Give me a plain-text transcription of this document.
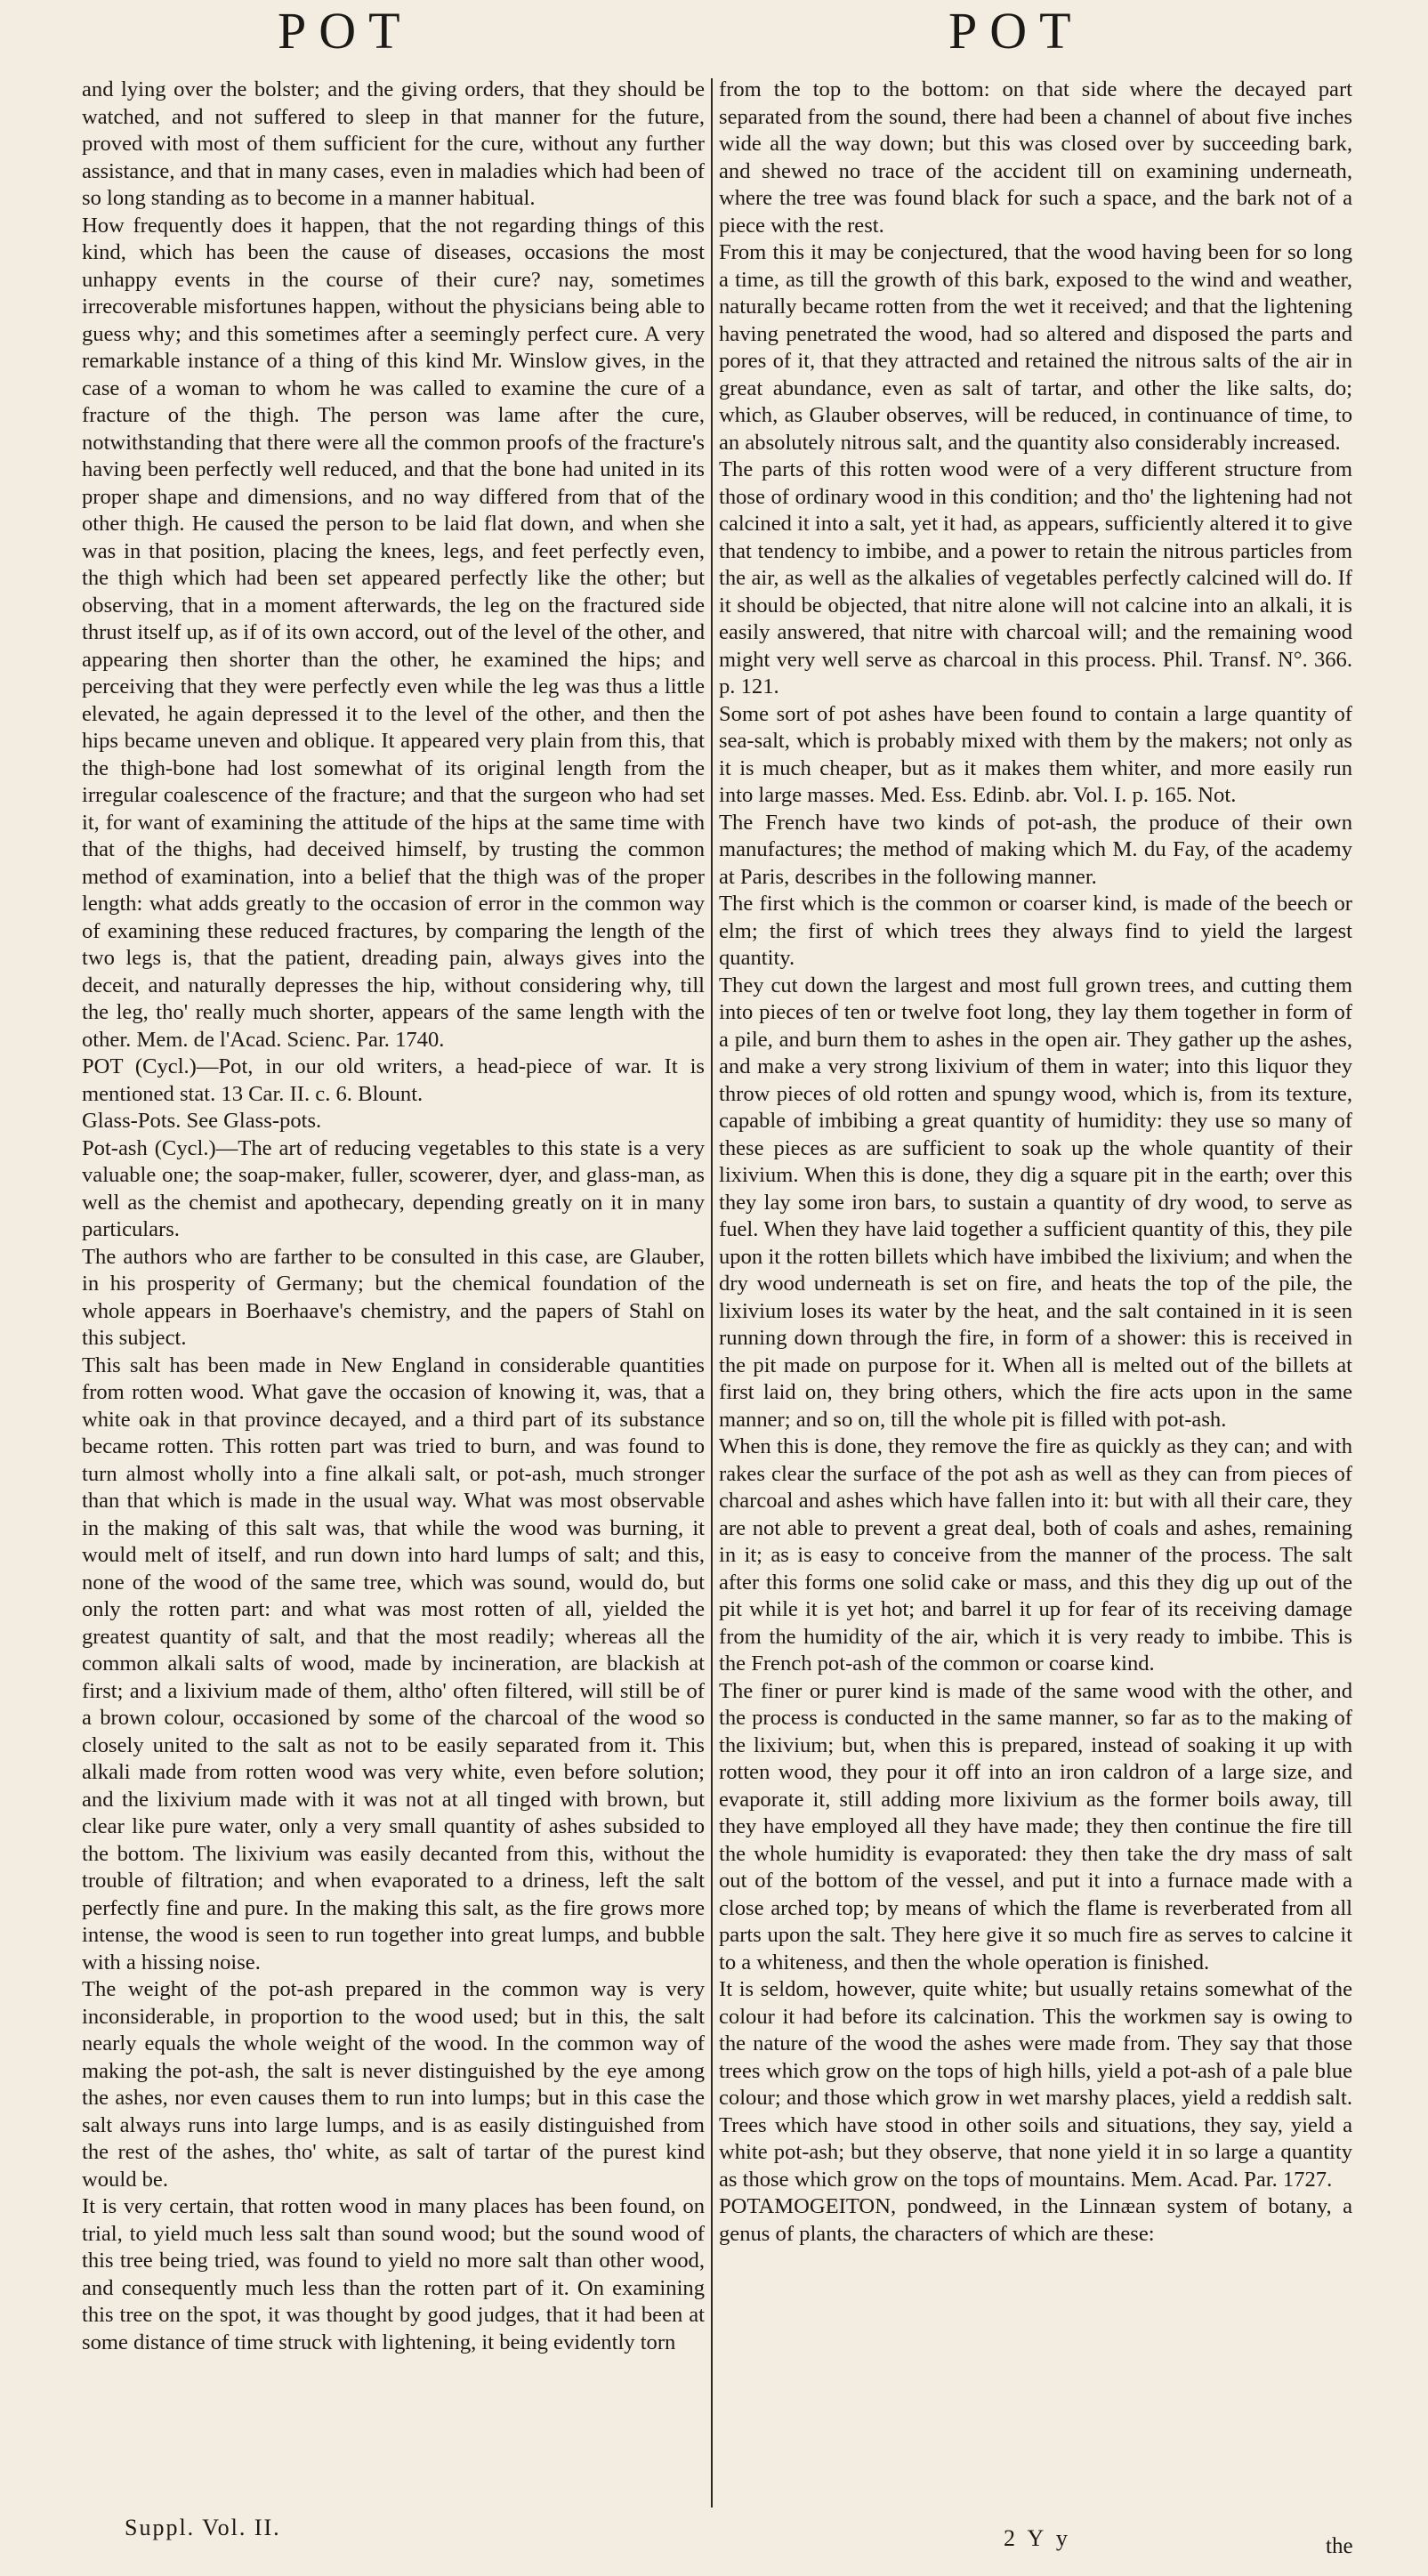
POT	POT

and lying over the bolster; and the giving orders, that they should be watched, and not suffered to sleep in that manner for the future, proved with most of them sufficient for the cure, without any further assistance, and that in many cases, even in maladies which had been of so long standing as to become in a manner habitual.

How frequently does it happen, that the not regarding things of this kind, which has been the cause of diseases, occasions the most unhappy events in the course of their cure? nay, sometimes irrecoverable misfortunes happen, without the physicians being able to guess why; and this sometimes after a seemingly perfect cure. A very remarkable instance of a thing of this kind Mr. Winslow gives, in the case of a woman to whom he was called to examine the cure of a fracture of the thigh. The person was lame after the cure, notwithstanding that there were all the common proofs of the fracture's having been perfectly well reduced, and that the bone had united in its proper shape and dimensions, and no way differed from that of the other thigh. He caused the person to be laid flat down, and when she was in that position, placing the knees, legs, and feet perfectly even, the thigh which had been set appeared perfectly like the other; but observing, that in a moment afterwards, the leg on the fractured side thrust itself up, as if of its own accord, out of the level of the other, and appearing then shorter than the other, he examined the hips; and perceiving that they were perfectly even while the leg was thus a little elevated, he again depressed it to the level of the other, and then the hips became uneven and oblique. It appeared very plain from this, that the thigh-bone had lost somewhat of its original length from the irregular coalescence of the fracture; and that the surgeon who had set it, for want of examining the attitude of the hips at the same time with that of the thighs, had deceived himself, by trusting the common method of examination, into a belief that the thigh was of the proper length: what adds greatly to the occasion of error in the common way of examining these reduced fractures, by comparing the length of the two legs is, that the patient, dreading pain, always gives into the deceit, and naturally depresses the hip, without considering why, till the leg, tho' really much shorter, appears of the same length with the other. Mem. de l'Acad. Scienc. Par. 1740.

POT (Cycl.)—Pot, in our old writers, a head-piece of war. It is mentioned stat. 13 Car. II. c. 6. Blount.

Glass-Pots. See Glass-pots.

Pot-ash (Cycl.)—The art of reducing vegetables to this state is a very valuable one; the soap-maker, fuller, scowerer, dyer, and glass-man, as well as the chemist and apothecary, depending greatly on it in many particulars.

The authors who are farther to be consulted in this case, are Glauber, in his prosperity of Germany; but the chemical foundation of the whole appears in Boerhaave's chemistry, and the papers of Stahl on this subject.

This salt has been made in New England in considerable quantities from rotten wood. What gave the occasion of knowing it, was, that a white oak in that province decayed, and a third part of its substance became rotten. This rotten part was tried to burn, and was found to turn almost wholly into a fine alkali salt, or pot-ash, much stronger than that which is made in the usual way. What was most observable in the making of this salt was, that while the wood was burning, it would melt of itself, and run down into hard lumps of salt; and this, none of the wood of the same tree, which was sound, would do, but only the rotten part: and what was most rotten of all, yielded the greatest quantity of salt, and that the most readily; whereas all the common alkali salts of wood, made by incineration, are blackish at first; and a lixivium made of them, altho' often filtered, will still be of a brown colour, occasioned by some of the charcoal of the wood so closely united to the salt as not to be easily separated from it. This alkali made from rotten wood was very white, even before solution; and the lixivium made with it was not at all tinged with brown, but clear like pure water, only a very small quantity of ashes subsided to the bottom. The lixivium was easily decanted from this, without the trouble of filtration; and when evaporated to a driness, left the salt perfectly fine and pure. In the making this salt, as the fire grows more intense, the wood is seen to run together into great lumps, and bubble with a hissing noise.

The weight of the pot-ash prepared in the common way is very inconsiderable, in proportion to the wood used; but in this, the salt nearly equals the whole weight of the wood. In the common way of making the pot-ash, the salt is never distinguished by the eye among the ashes, nor even causes them to run into lumps; but in this case the salt always runs into large lumps, and is as easily distinguished from the rest of the ashes, tho' white, as salt of tartar of the purest kind would be.

It is very certain, that rotten wood in many places has been found, on trial, to yield much less salt than sound wood; but the sound wood of this tree being tried, was found to yield no more salt than other wood, and consequently much less than the rotten part of it. On examining this tree on the spot, it was thought by good judges, that it had been at some distance of time struck with lightening, it being evidently torn

from the top to the bottom: on that side where the decayed part separated from the sound, there had been a channel of about five inches wide all the way down; but this was closed over by succeeding bark, and shewed no trace of the accident till on examining underneath, where the tree was found black for such a space, and the bark not of a piece with the rest.

From this it may be conjectured, that the wood having been for so long a time, as till the growth of this bark, exposed to the wind and weather, naturally became rotten from the wet it received; and that the lightening having penetrated the wood, had so altered and disposed the parts and pores of it, that they attracted and retained the nitrous salts of the air in great abundance, even as salt of tartar, and other the like salts, do; which, as Glauber observes, will be reduced, in continuance of time, to an absolutely nitrous salt, and the quantity also considerably increased.

The parts of this rotten wood were of a very different structure from those of ordinary wood in this condition; and tho' the lightening had not calcined it into a salt, yet it had, as appears, sufficiently altered it to give that tendency to imbibe, and a power to retain the nitrous particles from the air, as well as the alkalies of vegetables perfectly calcined will do. If it should be objected, that nitre alone will not calcine into an alkali, it is easily answered, that nitre with charcoal will; and the remaining wood might very well serve as charcoal in this process. Phil. Transf. N°. 366. p. 121.

Some sort of pot ashes have been found to contain a large quantity of sea-salt, which is probably mixed with them by the makers; not only as it is much cheaper, but as it makes them whiter, and more easily run into large masses. Med. Ess. Edinb. abr. Vol. I. p. 165. Not.

The French have two kinds of pot-ash, the produce of their own manufactures; the method of making which M. du Fay, of the academy at Paris, describes in the following manner.

The first which is the common or coarser kind, is made of the beech or elm; the first of which trees they always find to yield the largest quantity.

They cut down the largest and most full grown trees, and cutting them into pieces of ten or twelve foot long, they lay them together in form of a pile, and burn them to ashes in the open air. They gather up the ashes, and make a very strong lixivium of them in water; into this liquor they throw pieces of old rotten and spungy wood, which is, from its texture, capable of imbibing a great quantity of humidity: they use so many of these pieces as are sufficient to soak up the whole quantity of their lixivium. When this is done, they dig a square pit in the earth; over this they lay some iron bars, to sustain a quantity of dry wood, to serve as fuel. When they have laid together a sufficient quantity of this, they pile upon it the rotten billets which have imbibed the lixivium; and when the dry wood underneath is set on fire, and heats the top of the pile, the lixivium loses its water by the heat, and the salt contained in it is seen running down through the fire, in form of a shower: this is received in the pit made on purpose for it. When all is melted out of the billets at first laid on, they bring others, which the fire acts upon in the same manner; and so on, till the whole pit is filled with pot-ash.

When this is done, they remove the fire as quickly as they can; and with rakes clear the surface of the pot ash as well as they can from pieces of charcoal and ashes which have fallen into it: but with all their care, they are not able to prevent a great deal, both of coals and ashes, remaining in it; as is easy to conceive from the manner of the process. The salt after this forms one solid cake or mass, and this they dig up out of the pit while it is yet hot; and barrel it up for fear of its receiving damage from the humidity of the air, which it is very ready to imbibe. This is the French pot-ash of the common or coarse kind.

The finer or purer kind is made of the same wood with the other, and the process is conducted in the same manner, so far as to the making of the lixivium; but, when this is prepared, instead of soaking it up with rotten wood, they pour it off into an iron caldron of a large size, and evaporate it, still adding more lixivium as the former boils away, till they have employed all they have made; they then continue the fire till the whole humidity is evaporated: they then take the dry mass of salt out of the bottom of the vessel, and put it into a furnace made with a close arched top; by means of which the flame is reverberated from all parts upon the salt. They here give it so much fire as serves to calcine it to a whiteness, and then the whole operation is finished.

It is seldom, however, quite white; but usually retains somewhat of the colour it had before its calcination. This the workmen say is owing to the nature of the wood the ashes were made from. They say that those trees which grow on the tops of high hills, yield a pot-ash of a pale blue colour; and those which grow in wet marshy places, yield a reddish salt. Trees which have stood in other soils and situations, they say, yield a white pot-ash; but they observe, that none yield it in so large a quantity as those which grow on the tops of mountains. Mem. Acad. Par. 1727.

POTAMOGEITON, pondweed, in the Linnæan system of botany, a genus of plants, the characters of which are these:

Suppl. Vol. II.	2 Y y	the
